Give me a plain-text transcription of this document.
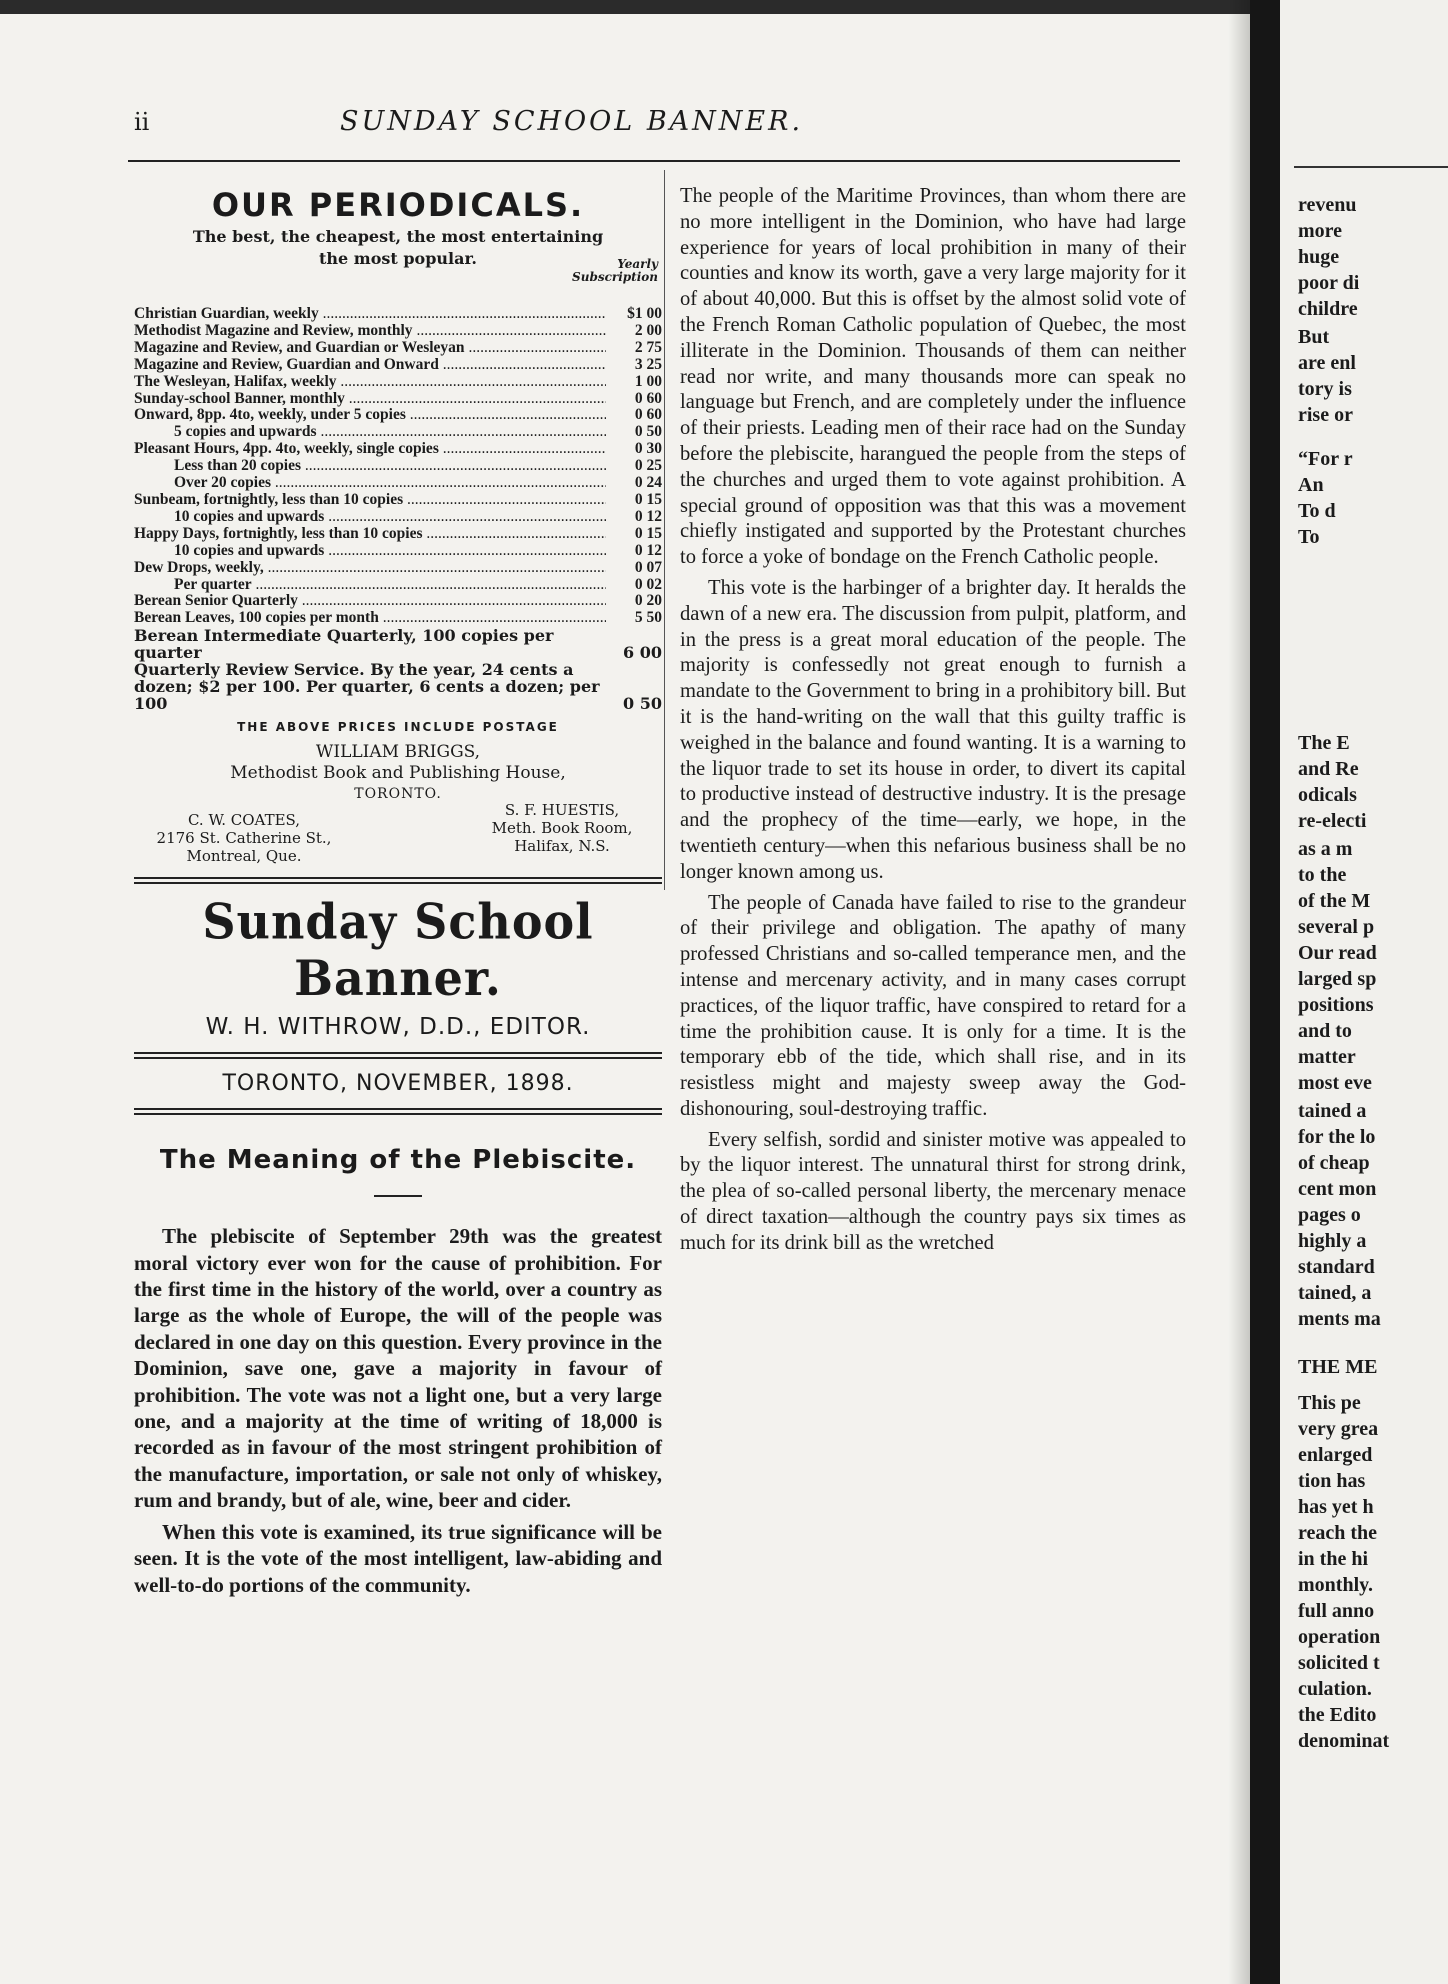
ii	SUNDAY SCHOOL BANNER.
OUR PERIODICALS.
The best, the cheapest, the most entertaining
the most popular.	Yearly
Subscription
Christian Guardian, weekly .....	$1 00
Methodist Magazine and Review, monthly .....	2 00
Magazine and Review, and Guardian or Wesleyan .....	2 75
Magazine and Review, Guardian and Onward .....	3 25
The Wesleyan, Halifax, weekly .....	1 00
Sunday-school Banner, monthly .....	0 60
Onward, 8pp. 4to, weekly, under 5 copies .....	0 60
5 copies and upwards .....	0 50
Pleasant Hours, 4pp. 4to, weekly, single copies .....	0 30
Less than 20 copies .....	0 25
Over 20 copies .....	0 24
Sunbeam, fortnightly, less than 10 copies .....	0 15
10 copies and upwards .....	0 12
Happy Days, fortnightly, less than 10 copies .....	0 15
10 copies and upwards .....	0 12
Dew Drops, weekly, .....	0 07
Per quarter .....	0 02
Berean Senior Quarterly .....	0 20
Berean Leaves, 100 copies per month .....	5 50
Berean Intermediate Quarterly, 100 copies per quarter	6 00
Quarterly Review Service. By the year, 24 cents a dozen; $2 per 100. Per quarter, 6 cents a dozen; per 100	0 50
THE ABOVE PRICES INCLUDE POSTAGE
WILLIAM BRIGGS,
Methodist Book and Publishing House,
TORONTO.
C. W. COATES,
2176 St. Catherine St.,
Montreal, Que.
S. F. HUESTIS,
Meth. Book Room,
Halifax, N.S.
Sunday School Banner.
W. H. WITHROW, D.D., EDITOR.
TORONTO, NOVEMBER, 1898.
The Meaning of the Plebiscite.

The plebiscite of September 29th was the greatest moral victory ever won for the cause of prohibition. For the first time in the history of the world, over a country as large as the whole of Europe, the will of the people was declared in one day on this question. Every province in the Dominion, save one, gave a majority in favour of prohibition. The vote was not a light one, but a very large one, and a majority at the time of writing of 18,000 is recorded as in favour of the most stringent prohibition of the manufacture, importation, or sale not only of whiskey, rum and brandy, but of ale, wine, beer and cider.

When this vote is examined, its true significance will be seen. It is the vote of the most intelligent, law-abiding and well-to-do portions of the community.

The people of the Maritime Provinces, than whom there are no more intelligent in the Dominion, who have had large experience for years of local prohibition in many of their counties and know its worth, gave a very large majority for it of about 40,000. But this is offset by the almost solid vote of the French Roman Catholic population of Quebec, the most illiterate in the Dominion. Thousands of them can neither read nor write, and many thousands more can speak no language but French, and are completely under the influence of their priests. Leading men of their race had on the Sunday before the plebiscite, harangued the people from the steps of the churches and urged them to vote against prohibition. A special ground of opposition was that this was a movement chiefly instigated and supported by the Protestant churches to force a yoke of bondage on the French Catholic people.

This vote is the harbinger of a brighter day. It heralds the dawn of a new era. The discussion from pulpit, platform, and in the press is a great moral education of the people. The majority is confessedly not great enough to furnish a mandate to the Government to bring in a prohibitory bill. But it is the hand-writing on the wall that this guilty traffic is weighed in the balance and found wanting. It is a warning to the liquor trade to set its house in order, to divert its capital to productive instead of destructive industry. It is the presage and the prophecy of the time—early, we hope, in the twentieth century—when this nefarious business shall be no longer known among us.

The people of Canada have failed to rise to the grandeur of their privilege and obligation. The apathy of many professed Christians and so-called temperance men, and the intense and mercenary activity, and in many cases corrupt practices, of the liquor traffic, have conspired to retard for a time the prohibition cause. It is only for a time. It is the temporary ebb of the tide, which shall rise, and in its resistless might and majesty sweep away the God-dishonouring, soul-destroying traffic.

Every selfish, sordid and sinister motive was appealed to by the liquor interest. The unnatural thirst for strong drink, the plea of so-called personal liberty, the mercenary menace of direct taxation—although the country pays six times as much for its drink bill as the wretched

revenu
more
huge
poor di
childre
But
are enl
tory is
rise or
“For r
An
To d
To
The E
and Re
odicals
re-electi
as a m
to the
of the M
several p
Our read
larged sp
positions
and to
matter
most eve
tained a
for the lo
of cheap
cent mon
pages o
highly a
standard
tained, a
ments ma
THE ME
This pe
very grea
enlarged
tion has
has yet h
reach the
in the hi
monthly.
full anno
operation
solicited t
culation.
the Edito
denominat
